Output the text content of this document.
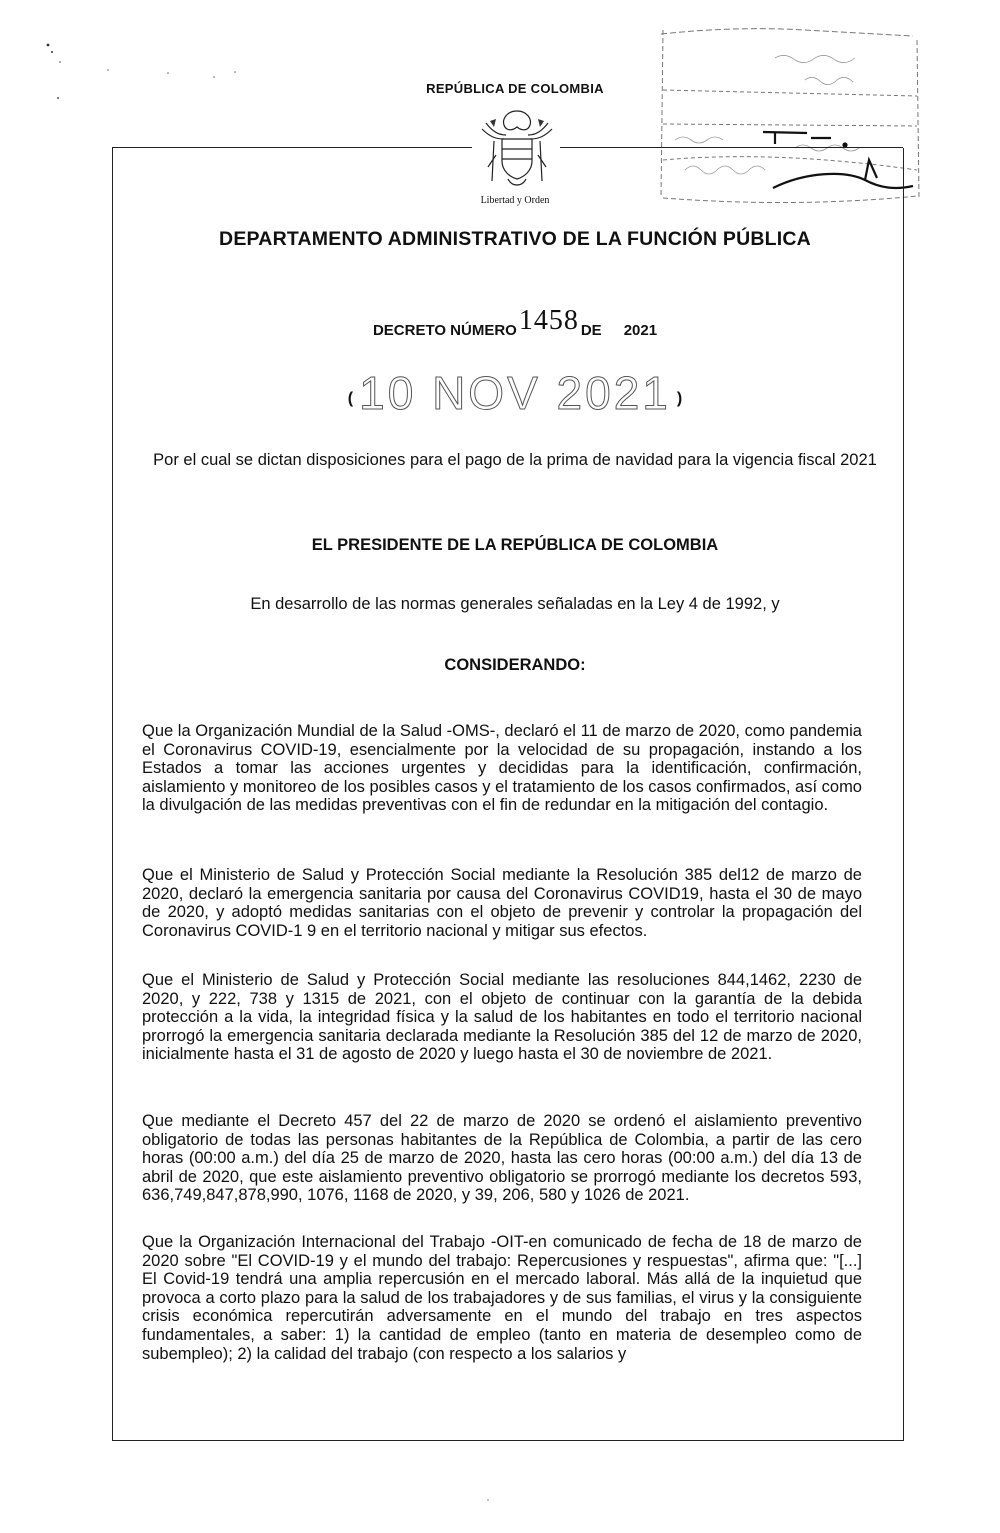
REPÚBLICA DE COLOMBIA
Libertad y Orden
DEPARTAMENTO ADMINISTRATIVO DE LA FUNCIÓN PÚBLICA
DECRETO NÚMERO1458 DE 2021
( 10 NOV 2021 )
Por el cual se dictan disposiciones para el pago de la prima de navidad para la vigencia fiscal 2021
EL PRESIDENTE DE LA REPÚBLICA DE COLOMBIA
En desarrollo de las normas generales señaladas en la Ley 4 de 1992, y
CONSIDERANDO:
Que la Organización Mundial de la Salud -OMS-, declaró el 11 de marzo de 2020, como pandemia el Coronavirus COVID-19, esencialmente por la velocidad de su propagación, instando a los Estados a tomar las acciones urgentes y decididas para la identificación, confirmación, aislamiento y monitoreo de los posibles casos y el tratamiento de los casos confirmados, así como la divulgación de las medidas preventivas con el fin de redundar en la mitigación del contagio.
Que el Ministerio de Salud y Protección Social mediante la Resolución 385 del12 de marzo de 2020, declaró la emergencia sanitaria por causa del Coronavirus COVID19, hasta el 30 de mayo de 2020, y adoptó medidas sanitarias con el objeto de prevenir y controlar la propagación del Coronavirus COVID-1 9 en el territorio nacional y mitigar sus efectos.
Que el Ministerio de Salud y Protección Social mediante las resoluciones 844,1462, 2230 de 2020, y 222, 738 y 1315 de 2021, con el objeto de continuar con la garantía de la debida protección a la vida, la integridad física y la salud de los habitantes en todo el territorio nacional prorrogó la emergencia sanitaria declarada mediante la Resolución 385 del 12 de marzo de 2020, inicialmente hasta el 31 de agosto de 2020 y luego hasta el 30 de noviembre de 2021.
Que mediante el Decreto 457 del 22 de marzo de 2020 se ordenó el aislamiento preventivo obligatorio de todas las personas habitantes de la República de Colombia, a partir de las cero horas (00:00 a.m.) del día 25 de marzo de 2020, hasta las cero horas (00:00 a.m.) del día 13 de abril de 2020, que este aislamiento preventivo obligatorio se prorrogó mediante los decretos 593, 636,749,847,878,990, 1076, 1168 de 2020, y 39, 206, 580 y 1026 de 2021.
Que la Organización Internacional del Trabajo -OIT-en comunicado de fecha de 18 de marzo de 2020 sobre "El COVID-19 y el mundo del trabajo: Repercusiones y respuestas", afirma que: "[...] El Covid-19 tendrá una amplia repercusión en el mercado laboral. Más allá de la inquietud que provoca a corto plazo para la salud de los trabajadores y de sus familias, el virus y la consiguiente crisis económica repercutirán adversamente en el mundo del trabajo en tres aspectos fundamentales, a saber: 1) la cantidad de empleo (tanto en materia de desempleo como de subempleo); 2) la calidad del trabajo (con respecto a los salarios y
